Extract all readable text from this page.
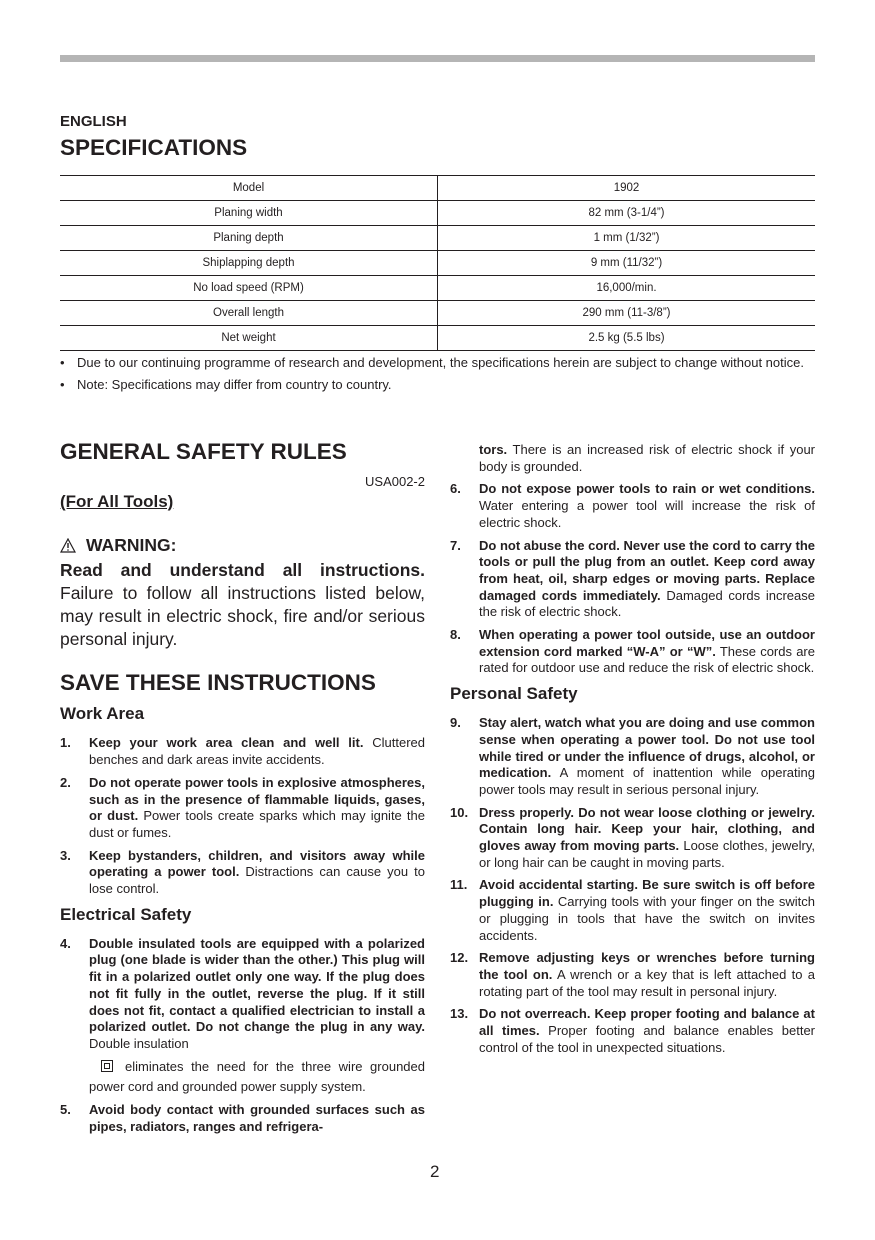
ENGLISH
SPECIFICATIONS
Model	1902
Planing width	82 mm (3-1/4”)
Planing depth	1 mm (1/32”)
Shiplapping depth	9 mm (11/32”)
No load speed (RPM)	16,000/min.
Overall length	290 mm (11-3/8”)
Net weight	2.5 kg (5.5 lbs)
• Due to our continuing programme of research and development, the specifications herein are subject to change without notice.
• Note: Specifications may differ from country to country.
GENERAL SAFETY RULES
USA002-2
(For All Tools)
WARNING:
Read and understand all instructions. Failure to follow all instructions listed below, may result in electric shock, fire and/or serious personal injury.
SAVE THESE INSTRUCTIONS
Work Area
1. Keep your work area clean and well lit. Cluttered benches and dark areas invite accidents.
2. Do not operate power tools in explosive atmospheres, such as in the presence of flammable liquids, gases, or dust. Power tools create sparks which may ignite the dust or fumes.
3. Keep bystanders, children, and visitors away while operating a power tool. Distractions can cause you to lose control.
Electrical Safety
4. Double insulated tools are equipped with a polarized plug (one blade is wider than the other.) This plug will fit in a polarized outlet only one way. If the plug does not fit fully in the outlet, reverse the plug. If it still does not fit, contact a qualified electrician to install a polarized outlet. Do not change the plug in any way. Double insulation
eliminates the need for the three wire grounded power cord and grounded power supply system.
5. Avoid body contact with grounded surfaces such as pipes, radiators, ranges and refrigera-
tors. There is an increased risk of electric shock if your body is grounded.
6. Do not expose power tools to rain or wet conditions. Water entering a power tool will increase the risk of electric shock.
7. Do not abuse the cord. Never use the cord to carry the tools or pull the plug from an outlet. Keep cord away from heat, oil, sharp edges or moving parts. Replace damaged cords immediately. Damaged cords increase the risk of electric shock.
8. When operating a power tool outside, use an outdoor extension cord marked “W-A” or “W”. These cords are rated for outdoor use and reduce the risk of electric shock.
Personal Safety
9. Stay alert, watch what you are doing and use common sense when operating a power tool. Do not use tool while tired or under the influence of drugs, alcohol, or medication. A moment of inattention while operating power tools may result in serious personal injury.
10. Dress properly. Do not wear loose clothing or jewelry. Contain long hair. Keep your hair, clothing, and gloves away from moving parts. Loose clothes, jewelry, or long hair can be caught in moving parts.
11. Avoid accidental starting. Be sure switch is off before plugging in. Carrying tools with your finger on the switch or plugging in tools that have the switch on invites accidents.
12. Remove adjusting keys or wrenches before turning the tool on. A wrench or a key that is left attached to a rotating part of the tool may result in personal injury.
13. Do not overreach. Keep proper footing and balance at all times. Proper footing and balance enables better control of the tool in unexpected situations.
2
